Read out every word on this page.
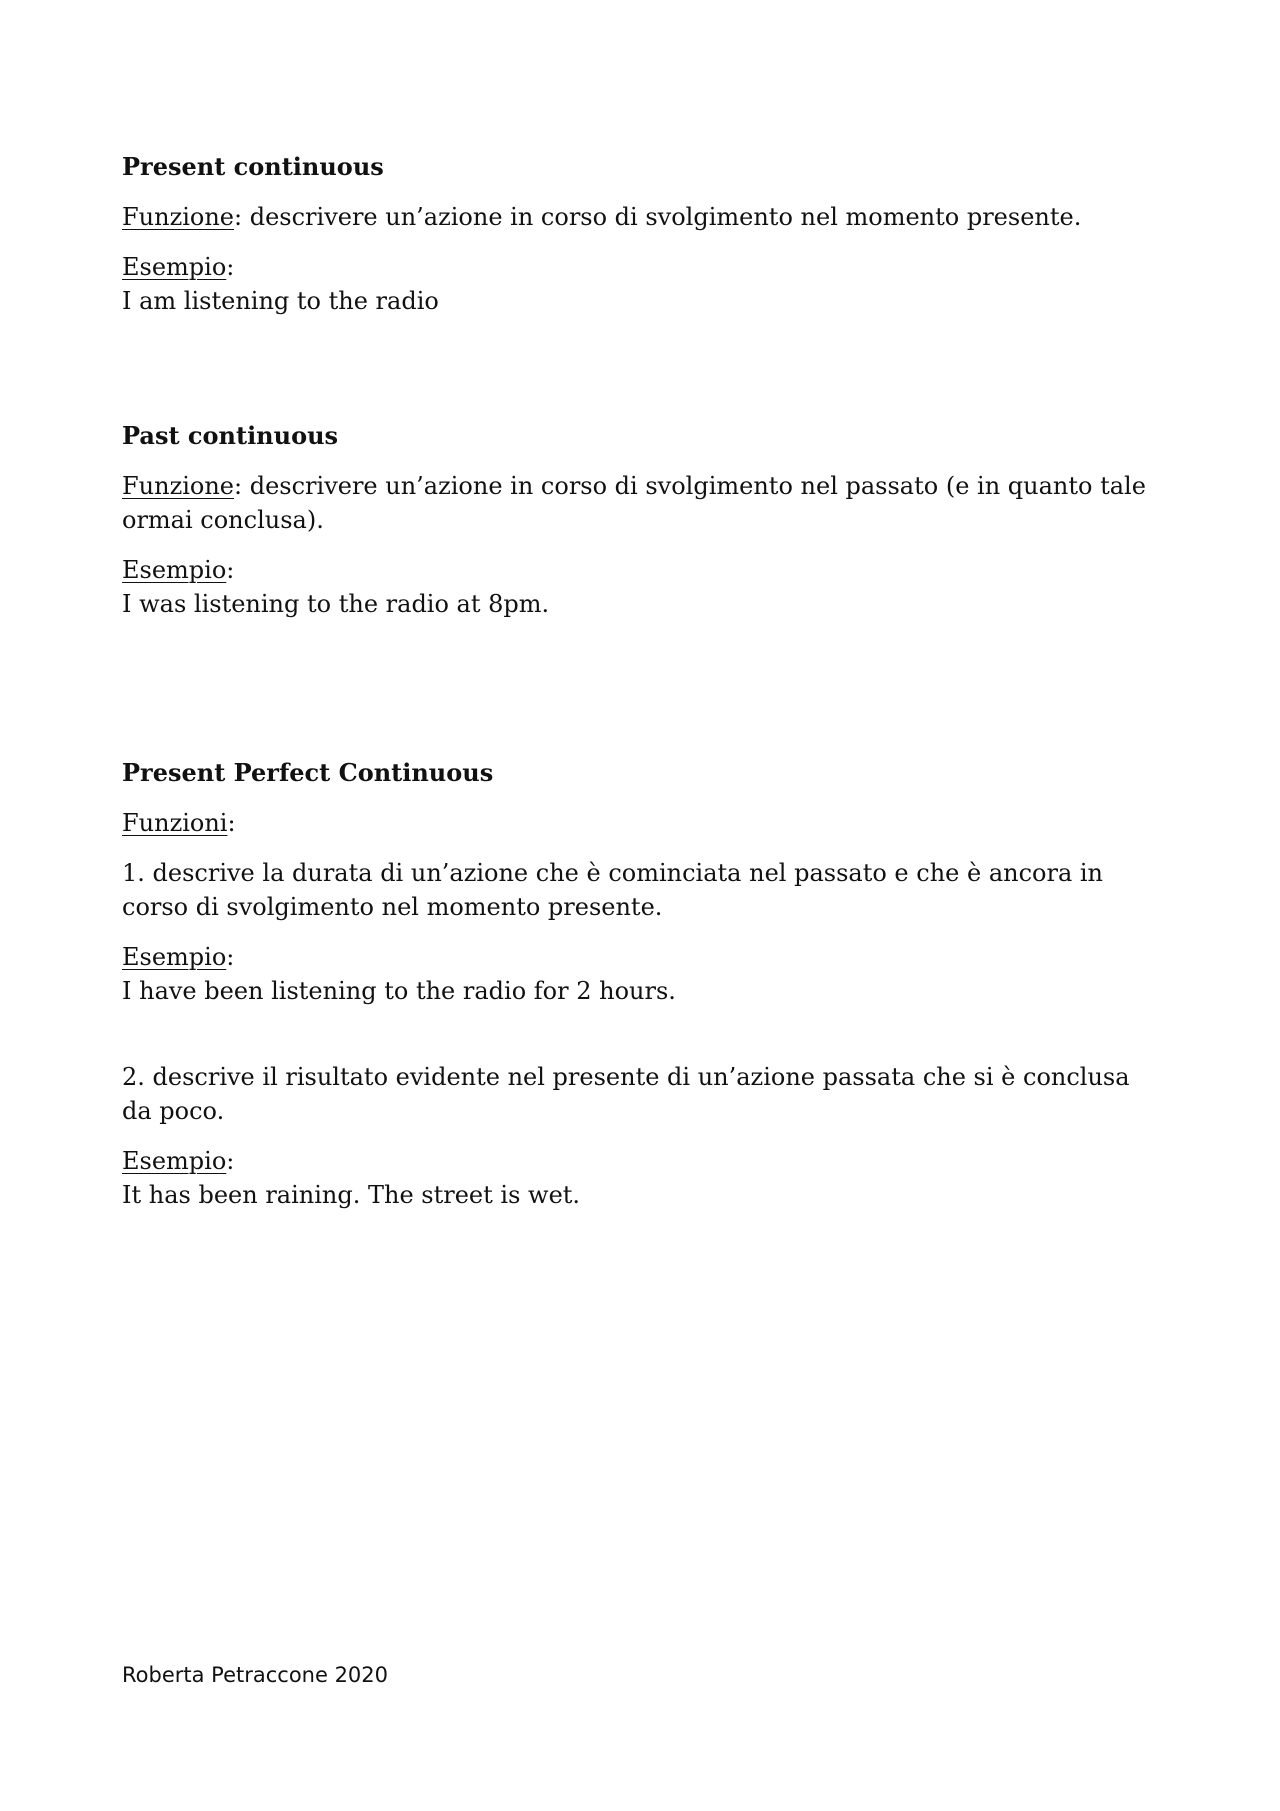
Present continuous

Funzione: descrivere un’azione in corso di svolgimento nel momento presente.

Esempio:

I am listening to the radio

Past continuous

Funzione: descrivere un’azione in corso di svolgimento nel passato (e in quanto tale ormai conclusa).

Esempio:

I was listening to the radio at 8pm.

Present Perfect Continuous

Funzioni:

1. descrive la durata di un’azione che è cominciata nel passato e che è ancora in corso di svolgimento nel momento presente.

Esempio:

I have been listening to the radio for 2 hours.

2. descrive il risultato evidente nel presente di un’azione passata che si è conclusa da poco.

Esempio:

It has been raining. The street is wet.

Roberta Petraccone 2020
